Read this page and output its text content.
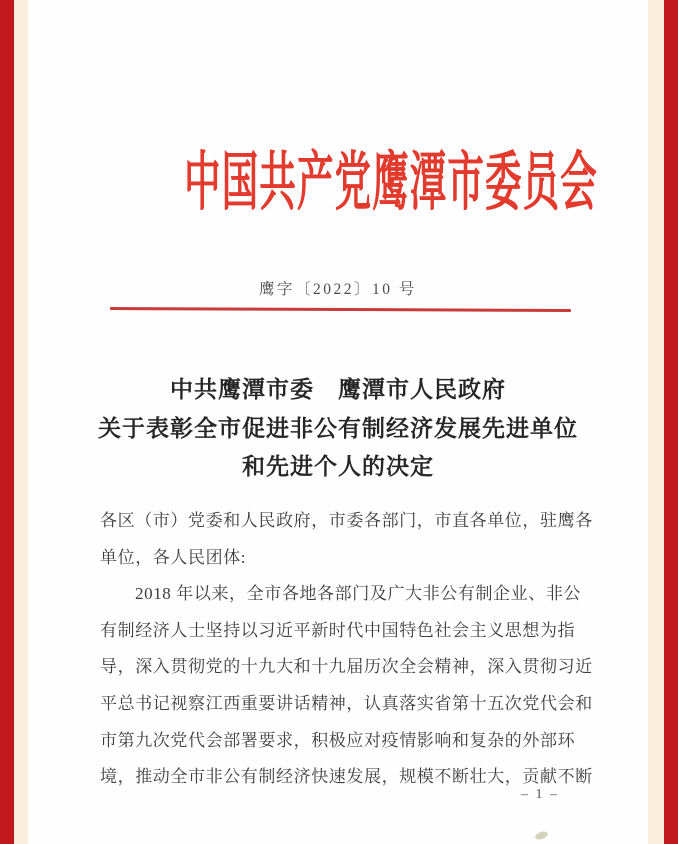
中国共产党鹰潭市委员会
鹰字〔2022〕10 号
中共鹰潭市委　鹰潭市人民政府
关于表彰全市促进非公有制经济发展先进单位
和先进个人的决定
各区（市）党委和人民政府，市委各部门，市直各单位，驻鹰各
单位，各人民团体:
2018 年以来，全市各地各部门及广大非公有制企业、非公
有制经济人士坚持以习近平新时代中国特色社会主义思想为指
导，深入贯彻党的十九大和十九届历次全会精神，深入贯彻习近
平总书记视察江西重要讲话精神，认真落实省第十五次党代会和
市第九次党代会部署要求，积极应对疫情影响和复杂的外部环
境，推动全市非公有制经济快速发展，规模不断壮大，贡献不断
– 1 –
